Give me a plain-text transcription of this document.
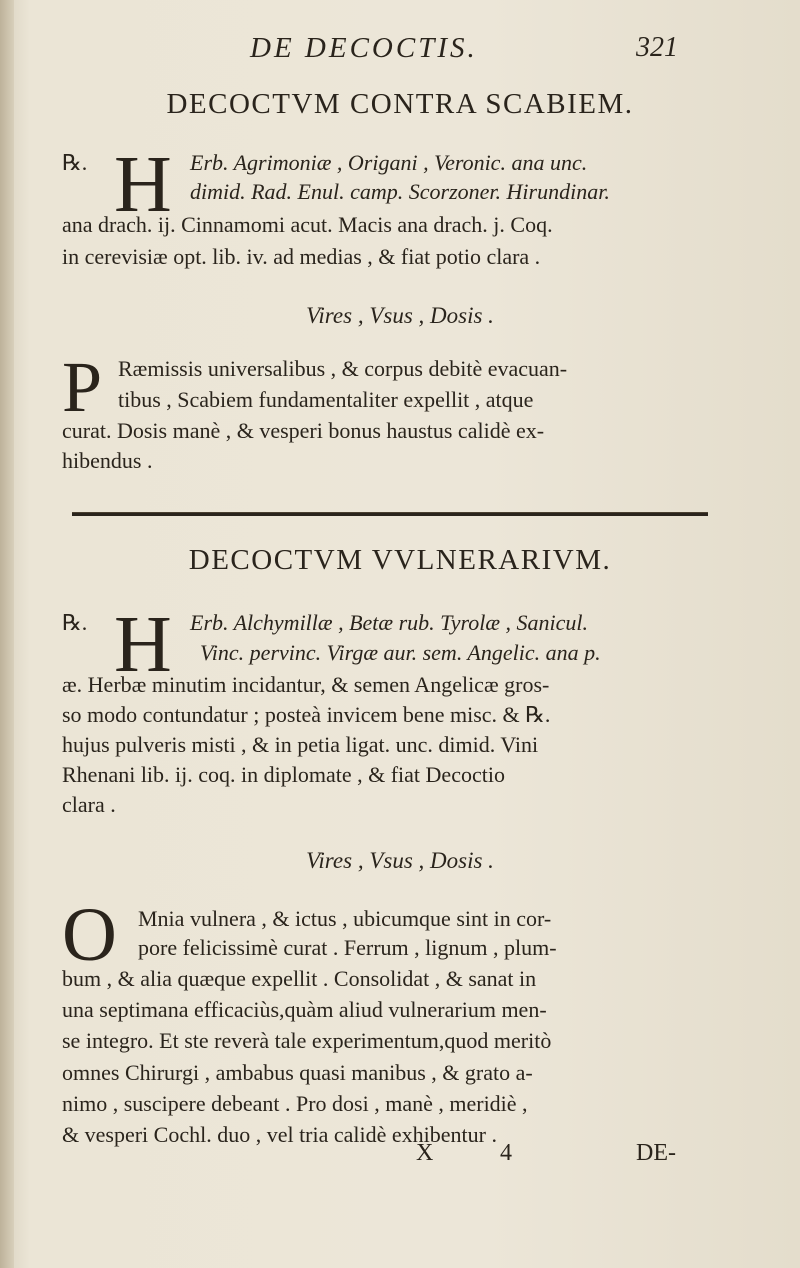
DE DECOCTIS.	321
DECOCTVM CONTRA SCABIEM.
℞. H Erb. Agrimoniæ , Origani , Veronic. ana unc.
dimid. Rad. Enul. camp. Scorzoner. Hirundinar.
ana drach. ij. Cinnamomi acut. Macis ana drach. j. Coq.
in cerevisiæ opt. lib. iv. ad medias , & fiat potio clara .
Vires , Vsus , Dosis .
P Ræmissis universalibus , & corpus debitè evacuan-
tibus , Scabiem fundamentaliter expellit , atque
curat. Dosis manè , & vesperi bonus haustus calidè ex-
hibendus .
DECOCTVM VVLNERARIVM.
℞. H Erb. Alchymillæ , Betæ rub. Tyrolæ , Sanicul.
Vinc. pervinc. Virgæ aur. sem. Angelic. ana p.
æ. Herbæ minutim incidantur, & semen Angelicæ gros-
so modo contundatur ; posteà invicem bene misc. & ℞.
hujus pulveris misti , & in petia ligat. unc. dimid. Vini
Rhenani lib. ij. coq. in diplomate , & fiat Decoctio
clara .
Vires , Vsus , Dosis .
O Mnia vulnera , & ictus , ubicumque sint in cor-
pore felicissimè curat . Ferrum , lignum , plum-
bum , & alia quæque expellit . Consolidat , & sanat in
una septimana efficaciùs,quàm aliud vulnerarium men-
se integro. Et ste reverà tale experimentum,quod meritò
omnes Chirurgi , ambabus quasi manibus , & grato a-
nimo , suscipere debeant . Pro dosi , manè , meridiè ,
& vesperi Cochl. duo , vel tria calidè exhibentur .
X	4	DE-
